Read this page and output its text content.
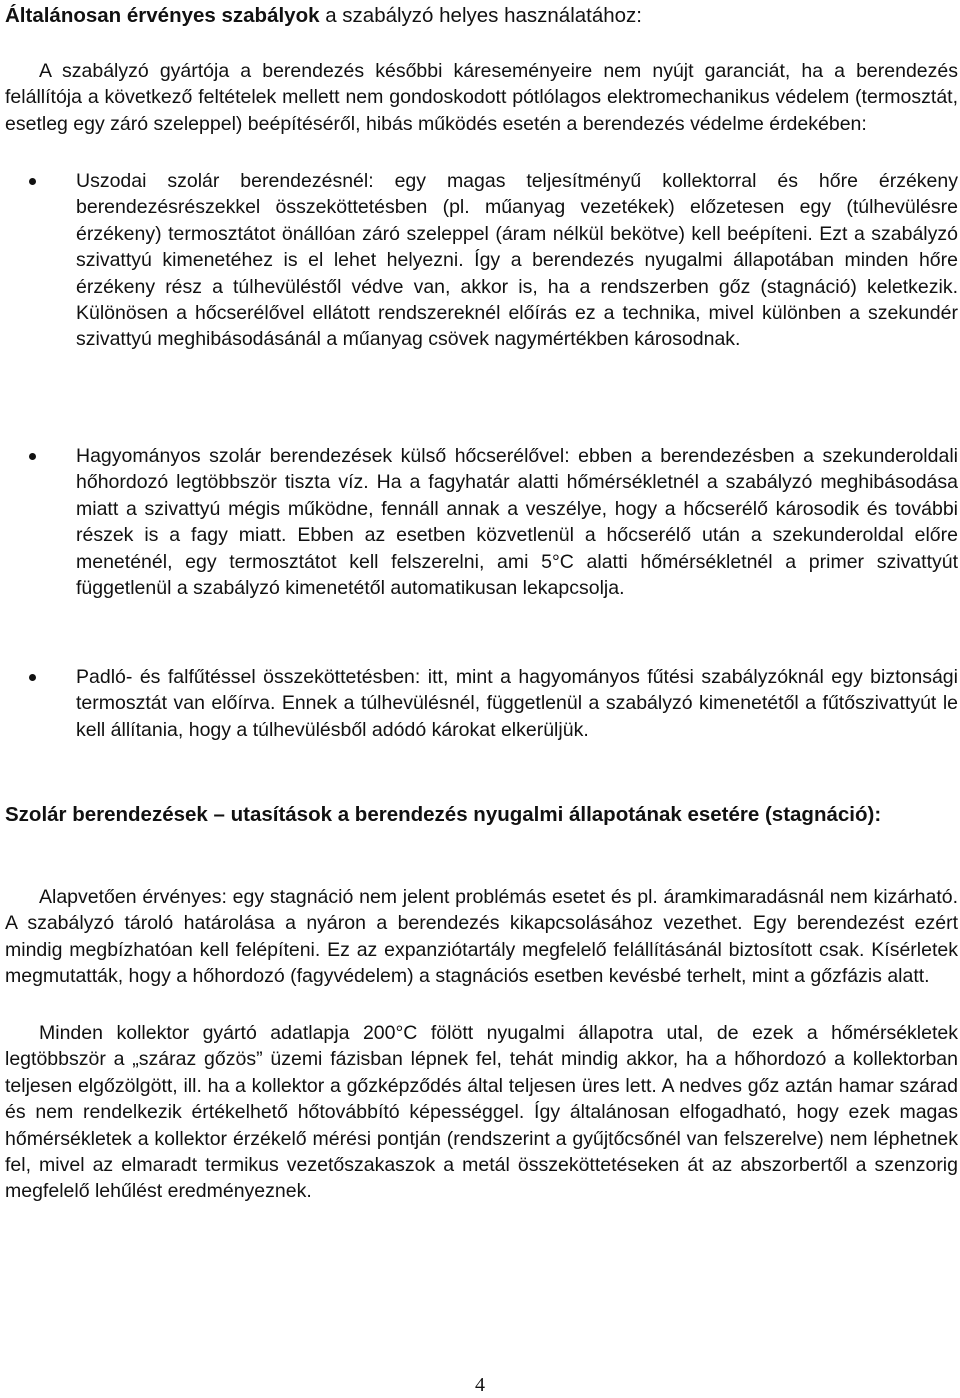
Általánosan érvényes szabályok a szabályzó helyes használatához:
A szabályzó gyártója a berendezés későbbi káreseményeire nem nyújt garanciát, ha a berendezés felállítója a következő feltételek mellett nem gondoskodott pótlólagos elektromechanikus védelem (termosztát, esetleg egy záró szeleppel) beépítéséről, hibás működés esetén a berendezés védelme érdekében:
Uszodai szolár berendezésnél: egy magas teljesítményű kollektorral és hőre érzékeny berendezésrészekkel összeköttetésben (pl. műanyag vezetékek) előzetesen egy (túlhevülésre érzékeny) termosztátot önállóan záró szeleppel (áram nélkül bekötve) kell beépíteni. Ezt a szabályzó szivattyú kimenetéhez is el lehet helyezni. Így a berendezés nyugalmi állapotában minden hőre érzékeny rész a túlhevüléstől védve van, akkor is, ha a rendszerben gőz (stagnáció) keletkezik. Különösen a hőcserélővel ellátott rendszereknél előírás ez a technika, mivel különben a szekundér szivattyú meghibásodásánál a műanyag csövek nagymértékben károsodnak.
Hagyományos szolár berendezések külső hőcserélővel: ebben a berendezésben a szekunderoldali hőhordozó legtöbbször tiszta víz. Ha a fagyhatár alatti hőmérsékletnél a szabályzó meghibásodása miatt a szivattyú mégis működne, fennáll annak a veszélye, hogy a hőcserélő károsodik és további részek is a fagy miatt. Ebben az esetben közvetlenül a hőcserélő után a szekunderoldal előre meneténél, egy termosztátot kell felszerelni, ami 5°C alatti hőmérsékletnél a primer szivattyút függetlenül a szabályzó kimenetétől automatikusan lekapcsolja.
Padló- és falfűtéssel összeköttetésben: itt, mint a hagyományos fűtési szabályzóknál egy biztonsági termosztát van előírva. Ennek a túlhevülésnél, függetlenül a szabályzó kimenetétől a fűtőszivattyút le kell állítania, hogy a túlhevülésből adódó károkat elkerüljük.
Szolár berendezések – utasítások a berendezés nyugalmi állapotának esetére (stagnáció):
Alapvetően érvényes: egy stagnáció nem jelent problémás esetet és pl. áramkimaradásnál nem kizárható. A szabályzó tároló határolása a nyáron a berendezés kikapcsolásához vezethet. Egy berendezést ezért mindig megbízhatóan kell felépíteni. Ez az expanziótartály megfelelő felállításánál biztosított csak. Kísérletek megmutatták, hogy a hőhordozó (fagyvédelem) a stagnációs esetben kevésbé terhelt, mint a gőzfázis alatt.
Minden kollektor gyártó adatlapja 200°C fölött nyugalmi állapotra utal, de ezek a hőmérsékletek legtöbbször a „száraz gőzös” üzemi fázisban lépnek fel, tehát mindig akkor, ha a hőhordozó a kollektorban teljesen elgőzölgött, ill. ha a kollektor a gőzképződés által teljesen üres lett. A nedves gőz aztán hamar szárad és nem rendelkezik értékelhető hőtovábbító képességgel. Így általánosan elfogadható, hogy ezek magas hőmérsékletek a kollektor érzékelő mérési pontján (rendszerint a gyűjtőcsőnél van felszerelve) nem léphetnek fel, mivel az elmaradt termikus vezetőszakaszok a metál összeköttetéseken át az abszorbertől a szenzorig megfelelő lehűlést eredményeznek.
4
